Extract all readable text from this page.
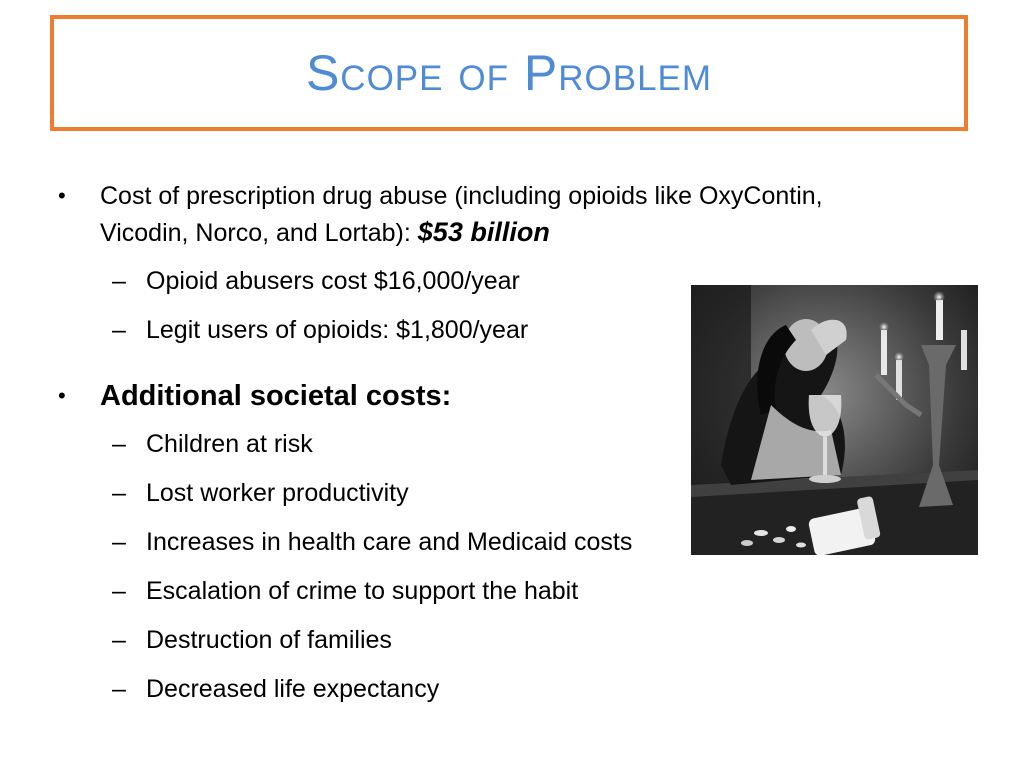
Scope of Problem
• Cost of prescription drug abuse (including opioids like OxyContin, Vicodin, Norco, and Lortab): $53 billion
– Opioid abusers cost $16,000/year
– Legit users of opioids: $1,800/year
• Additional societal costs:
– Children at risk
– Lost worker productivity
– Increases in health care and Medicaid costs
– Escalation of crime to support the habit
– Destruction of families
– Decreased life expectancy
